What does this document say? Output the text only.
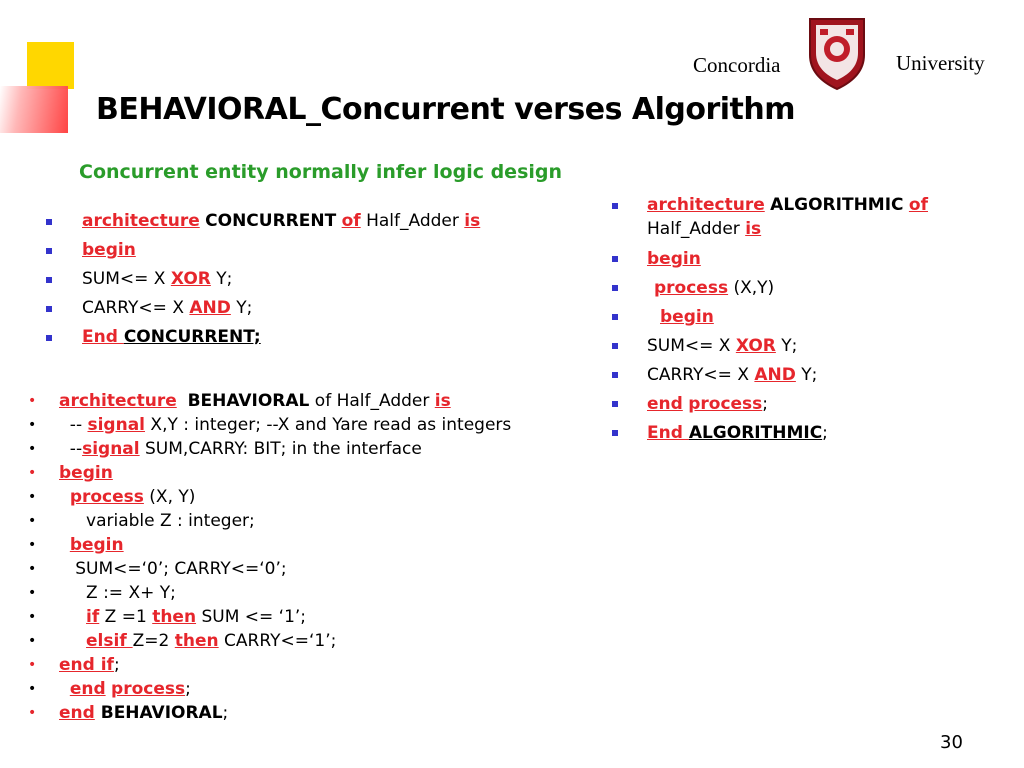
Concordia	University
BEHAVIORAL_Concurrent verses Algorithm
Concurrent entity normally infer logic design
architecture CONCURRENT of Half_Adder is
begin
SUM<= X XOR Y;
CARRY<= X AND Y;
End CONCURRENT;
architecture ALGORITHMIC of
Half_Adder is
begin
process (X,Y)
begin
SUM<= X XOR Y;
CARRY<= X AND Y;
end process;
End ALGORITHMIC;
• architecture BEHAVIORAL of Half_Adder is
•   -- signal X,Y : integer; --X and Yare read as integers
•   --signal SUM,CARRY: BIT; in the interface
• begin
• process (X, Y)
•      variable Z : integer;
• begin
•    SUM<=‘0’; CARRY<=‘0’;
•      Z := X+ Y;
• if Z =1 then SUM <= ‘1’;
• elsif Z=2 then CARRY<=‘1’;
• end if;
• end process;
• end BEHAVIORAL;
30
